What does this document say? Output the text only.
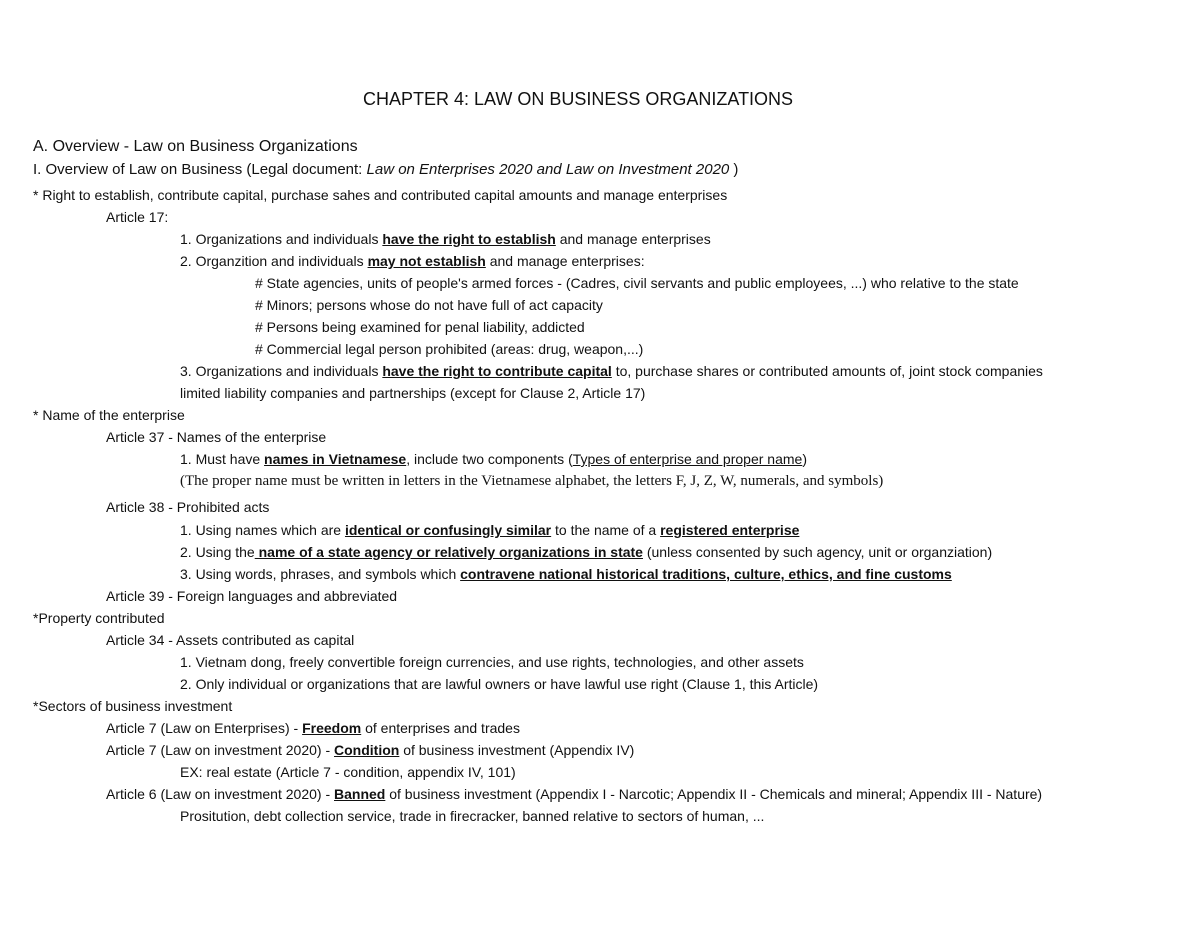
CHAPTER 4: LAW ON BUSINESS ORGANIZATIONS
A. Overview - Law on Business Organizations
I. Overview of Law on Business (Legal document: Law on Enterprises 2020 and Law on Investment 2020 )
* Right to establish, contribute capital, purchase sahes and contributed capital amounts and manage enterprises
Article 17:
1. Organizations and individuals have the right to establish and manage enterprises
2. Organzition and individuals may not establish and manage enterprises:
# State agencies, units of people's armed forces - (Cadres, civil servants and public employees, ...) who relative to the state
# Minors; persons whose do not have full of act capacity
# Persons being examined for penal liability, addicted
# Commercial legal person prohibited (areas: drug, weapon,...)
3. Organizations and individuals have the right to contribute capital to, purchase shares or contributed amounts of, joint stock companies
limited liability companies and partnerships (except for Clause 2, Article 17)
* Name of the enterprise
Article 37 - Names of the enterprise
1. Must have names in Vietnamese, include two components (Types of enterprise and proper name)
(The proper name must be written in letters in the Vietnamese alphabet, the letters F, J, Z, W, numerals, and symbols)
Article 38 - Prohibited acts
1. Using names which are identical or confusingly similar to the name of a registered enterprise
2. Using the name of a state agency or relatively organizations in state (unless consented by such agency, unit or organziation)
3. Using words, phrases, and symbols which contravene national historical traditions, culture, ethics, and fine customs
Article 39 - Foreign languages and abbreviated
*Property contributed
Article 34 - Assets contributed as capital
1. Vietnam dong, freely convertible foreign currencies, and use rights, technologies, and other assets
2. Only individual or organizations that are lawful owners or have lawful use right (Clause 1, this Article)
*Sectors of business investment
Article 7 (Law on Enterprises) - Freedom of enterprises and trades
Article 7 (Law on investment 2020) - Condition of business investment (Appendix IV)
EX: real estate (Article 7 - condition, appendix IV, 101)
Article 6 (Law on investment 2020) - Banned of business investment (Appendix I - Narcotic; Appendix II - Chemicals and mineral; Appendix III - Nature)
Prositution, debt collection service, trade in firecracker, banned relative to sectors of human, ...
